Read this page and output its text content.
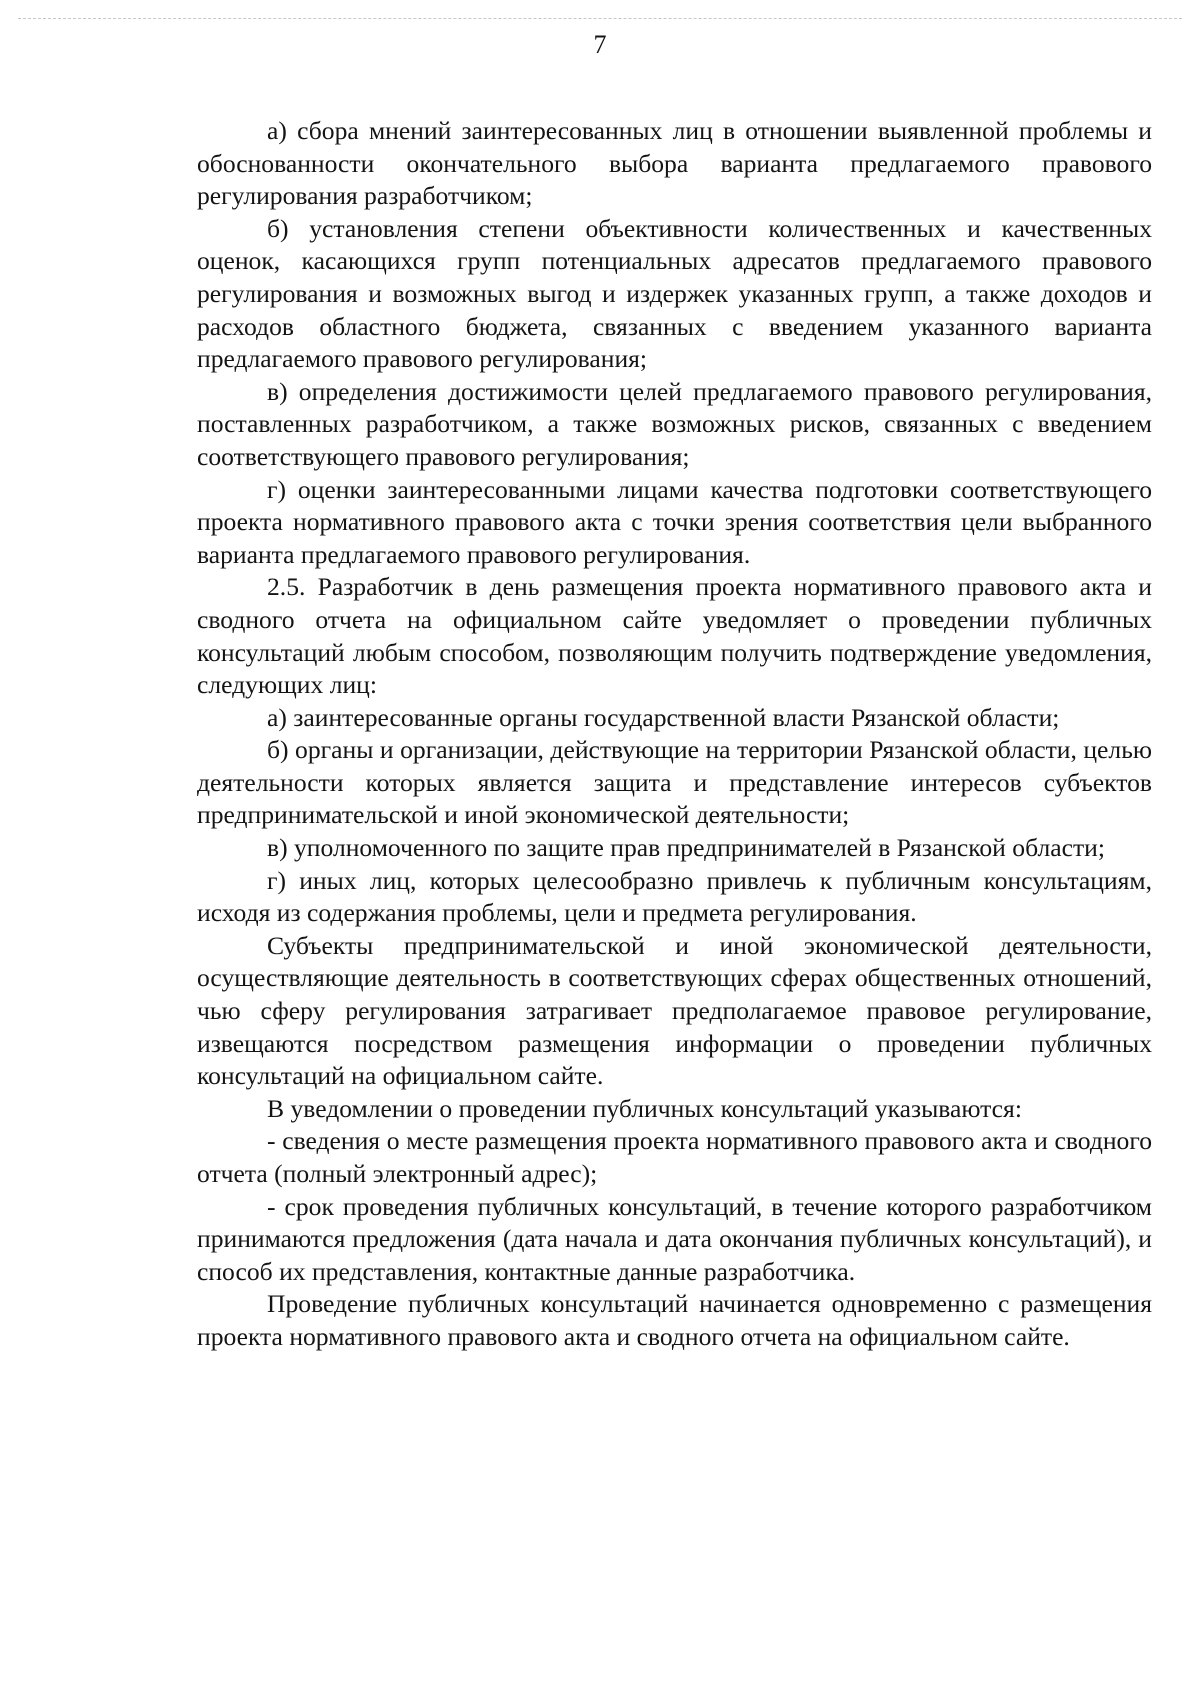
7

а) сбора мнений заинтересованных лиц в отношении выявленной проблемы и обоснованности окончательного выбора варианта предлагаемого правового регулирования разработчиком;

б) установления степени объективности количественных и качественных оценок, касающихся групп потенциальных адресатов предлагаемого правового регулирования и возможных выгод и издержек указанных групп, а также доходов и расходов областного бюджета, связанных с введением указанного варианта предлагаемого правового регулирования;

в) определения достижимости целей предлагаемого правового регулирования, поставленных разработчиком, а также возможных рисков, связанных с введением соответствующего правового регулирования;

г) оценки заинтересованными лицами качества подготовки соответствующего проекта нормативного правового акта с точки зрения соответствия цели выбранного варианта предлагаемого правового регулирования.

2.5. Разработчик в день размещения проекта нормативного правового акта и сводного отчета на официальном сайте уведомляет о проведении публичных консультаций любым способом, позволяющим получить подтверждение уведомления, следующих лиц:

а) заинтересованные органы государственной власти Рязанской области;

б) органы и организации, действующие на территории Рязанской области, целью деятельности которых является защита и представление интересов субъектов предпринимательской и иной экономической деятельности;

в) уполномоченного по защите прав предпринимателей в Рязанской области;

г) иных лиц, которых целесообразно привлечь к публичным консультациям, исходя из содержания проблемы, цели и предмета регулирования.

Субъекты предпринимательской и иной экономической деятельности, осуществляющие деятельность в соответствующих сферах общественных отношений, чью сферу регулирования затрагивает предполагаемое правовое регулирование, извещаются посредством размещения информации о проведении публичных консультаций на официальном сайте.

В уведомлении о проведении публичных консультаций указываются:

- сведения о месте размещения проекта нормативного правового акта и сводного отчета (полный электронный адрес);

- срок проведения публичных консультаций, в течение которого разработчиком принимаются предложения (дата начала и дата окончания публичных консультаций), и способ их представления, контактные данные разработчика.

Проведение публичных консультаций начинается одновременно с размещения проекта нормативного правового акта и сводного отчета на официальном сайте.
